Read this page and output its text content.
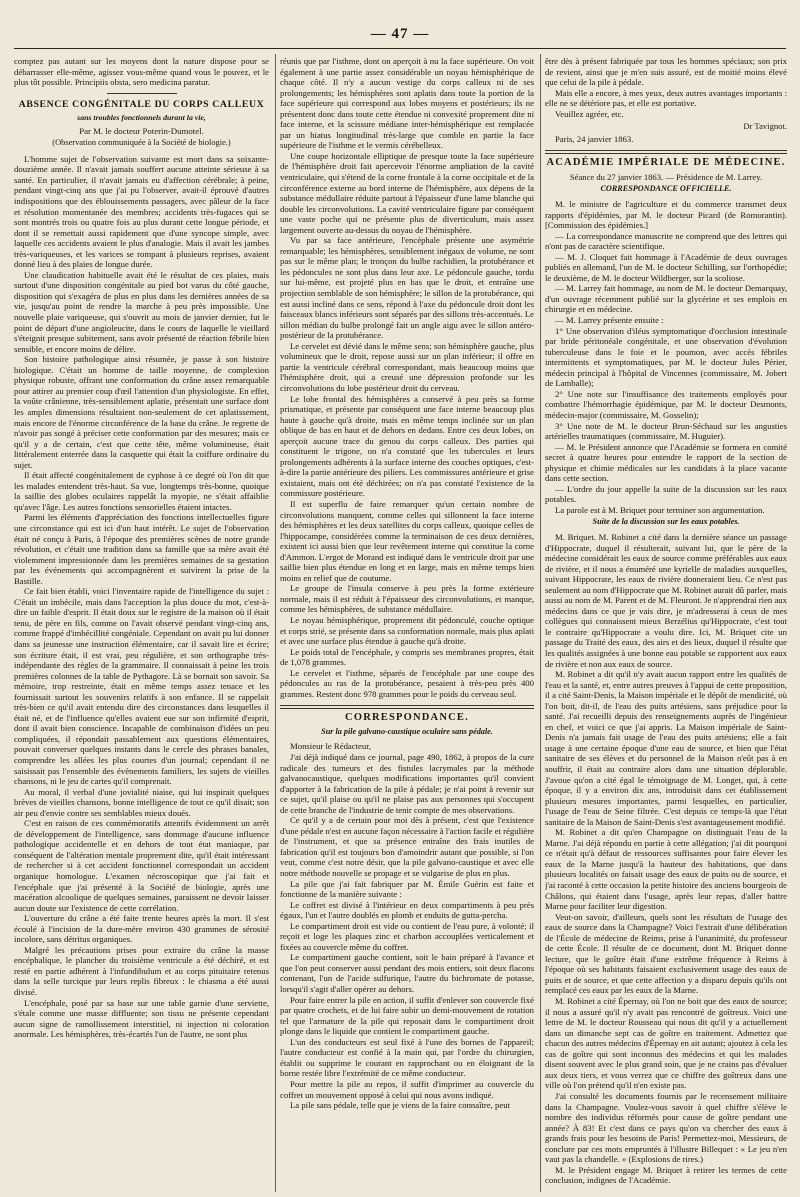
— 47 —

comptez pas autant sur les moyens dont la nature dispose pour se débarrasser elle-même, agissez vous-même quand vous le pouvez, et le plus tôt possible. Principiis obsta, sero medicina paratur.

ABSENCE CONGÉNITALE DU CORPS CALLEUX
sans troubles fonctionnels durant la vie,
Par M. le docteur Poterin-Dumotel.
(Observation communiquée à la Société de biologie.)

L'homme sujet de l'observation suivante est mort dans sa soixante-douzième année. Il n'avait jamais souffert aucune atteinte sérieuse à sa santé. En particulier, il n'avait jamais eu d'affection cérébrale; à peine, pendant vingt-cinq ans que j'ai pu l'observer, avait-il éprouvé d'autres indispositions que des éblouissements passagers, avec pâleur de la face et résolution momentanée des membres; accidents très-fugaces qui se sont montrés trois ou quatre fois au plus durant cette longue période, et dont il se remettait aussi rapidement que d'une syncope simple, avec laquelle ces accidents avaient le plus d'analogie. Mais il avait les jambes très-variqueuses, et les varices se rompant à plusieurs reprises, avaient donné lieu à des plaies de longue durée.

Une claudication habituelle avait été le résultat de ces plaies, mais surtout d'une disposition congénitale au pied bot varus du côté gauche, disposition qui s'exagéra de plus en plus dans les dernières années de sa vie, jusqu'au point de rendre la marche à peu près impossible. Une nouvelle plaie variqueuse, qui s'ouvrit au mois de janvier dernier, fut le point de départ d'une angioleucite, dans le cours de laquelle le vieillard s'éteignit presque subitement, sans avoir présenté de réaction fébrile bien sensible, et encore moins de délire.

Son histoire pathologique ainsi résumée, je passe à son histoire biologique. C'était un homme de taille moyenne, de complexion physique robuste, offrant une conformation du crâne assez remarquable pour attirer au premier coup d'œil l'attention d'un physiologiste. En effet, la voûte crânienne, très-sensiblement aplatie, présentait une surface dont les amples dimensions résultaient non-seulement de cet aplatissement, mais encore de l'énorme circonférence de la base du crâne. Je regrette de n'avoir pas songé à préciser cette conformation par des mesures; mais ce qu'il y a de certain, c'est que cette tête, même volumineuse, était littéralement enterrée dans la casquette qui était la coiffure ordinaire du sujet.

Il était affecté congénitalement de cyphose à ce degré où l'on dit que les malades entendent très-haut. Sa vue, longtemps très-bonne, quoique la saillie des globes oculaires rappelât la myopie, ne s'était affaiblie qu'avec l'âge. Les autres fonctions sensorielles étaient intactes.

Parmi les éléments d'appréciation des fonctions intellectuelles figure une circonstance qui est ici d'un haut intérêt. Le sujet de l'observation était né conçu à Paris, à l'époque des premières scènes de notre grande révolution, et c'était une tradition dans sa famille que sa mère avait été violemment impressionnée dans les premières semaines de sa gestation par les événements qui accompagnèrent et suivirent la prise de la Bastille.

Ce fait bien établi, voici l'inventaire rapide de l'intelligence du sujet : C'était un imbécile, mais dans l'acception la plus douce du mot, c'est-à-dire un faible d'esprit. Il était doux sur le registre de la maison où il était tenu, de père en fils, comme on l'avait observé pendant vingt-cinq ans, comme frappé d'imbécillité congéniale. Cependant on avait pu lui donner dans sa jeunesse une instruction élémentaire, car il savait lire et écrire; son écriture était, il est vrai, peu régulière, et son orthographe très-indépendante des règles de la grammaire. Il connaissait à peine les trois premières colonnes de la table de Pythagore. Là se bornait son savoir. Sa mémoire, trop restreinte, était en même temps assez tenace et les fournissait surtout les souvenirs relatifs à son enfance. Il se rappelait très-bien ce qu'il avait entendu dire des circonstances dans lesquelles il était né, et de l'influence qu'elles avaient eue sur son infirmité d'esprit, dont il avait bien conscience. Incapable de combinaison d'idées un peu compliquées, il répondait passablement aux questions élémentaires, pouvait converser quelques instants dans le cercle des phrases banales, comprendre les allées les plus courtes d'un journal; cependant il ne saisissait pas l'ensemble des évènements familiers, les sujets de vieilles chansons, ni le jeu de cartes qu'il comprenait.

Au moral, il verbal d'une jovialité niaise, qui lui inspirait quelques brèves de vieilles chansons, bonne intelligence de tout ce qu'il disait; son air peu d'envie contre ses semblables mieux doués.

C'est en raison de ces commémoratifs attentifs évidemment un arrêt de développement de l'intelligence, sans dommage d'aucune influence pathologique accidentelle et en dehors de tout état maniaque, par conséquent de l'altération mentale proprement dite, qu'il était intéressant de rechercher si à cet accident fonctionnel correspondait un accident organique homologue. L'examen nécroscopique que j'ai fait et l'encéphale que j'ai présenté à la Société de biologie, après une macération alcoolique de quelques semaines, paraissent ne devoir laisser aucun doute sur l'existence de cette corrélation.

L'ouverture du crâne a été faite trente heures après la mort. Il s'est écoulé à l'incision de la dure-mère environ 430 grammes de sérosité incolore, sans détritus organiques.

Malgré les précautions prises pour extraire du crâne la masse encéphalique, le plancher du troisième ventricule a été déchiré, et est resté en partie adhérent à l'infundibulum et au corps pituitaire retenus dans la selle turcique par leurs replis fibreux : le chiasma a été aussi divisé.

L'encéphale, posé par sa base sur une table garnie d'une serviette, s'étale comme une masse diffluente; son tissu ne présente cependant aucun signe de ramollissement interstitiel, ni injection ni coloration anormale. Les hémisphères, très-écartés l'un de l'autre, ne sont plus

réunis que par l'isthme, dont on aperçoit à nu la face supérieure. On voit également à une partie assez considérable un noyau hémisphérique de chaque côté. Il n'y a aucun vestige du corps calleux ni de ses prolongements; les hémisphères sont aplatis dans toute la portion de la face supérieure qui correspond aux lobes moyens et postérieurs; ils ne présentent donc dans toute cette étendue ni convexité proprement dite ni face interne, et la scissure médiane inter-hémisphérique est remplacée par un hiatus longitudinal très-large que comble en partie la face supérieure de l'isthme et le vermis cérébelleux.

Une coupe horizontale elliptique de presque toute la face supérieure de l'hémisphère droit fait apercevoir l'énorme ampliation de la cavité ventriculaire, qui s'étend de la corne frontale à la corne occipitale et de la circonférence externe au bord interne de l'hémisphère, aux dépens de la substance médullaire réduite partout à l'épaisseur d'une lame blanche qui double les circonvolutions. La cavité ventriculaire figure par conséquent une vaste poche qui ne présente plus de diverticulum, mais assez largement ouverte au-dessus du noyau de l'hémisphère.

Vu par sa face antérieure, l'encéphale présente une asymétrie remarquable; les hémisphères, sensiblement inégaux de volume, ne sont pas sur le même plan; le tronçon du bulbe rachidien, la protubérance et les pédoncules ne sont plus dans leur axe. Le pédoncule gauche, tordu sur lui-même, est projeté plus en bas que le droit, et entraîne une projection semblable de son hémisphère; le sillon de la protubérance, qui est aussi incliné dans ce sens, répond à l'axe du pédoncule droit dont les faisceaux blancs inférieurs sont séparés par des sillons très-accentués. Le sillon médian du bulbe prolongé fait un angle aigu avec le sillon antéro-postérieur de la protubérance.

Le cervelet est dévié dans le même sens; son hémisphère gauche, plus volumineux que le droit, repose aussi sur un plan inférieur; il offre en partie la ventricule cérébral correspondant, mais beaucoup moins que l'hémisphère droit, qui a creusé une dépression profonde sur les circonvolutions du lobe postérieur droit du cerveau.

Le lobe frontal des hémisphères a conservé à peu près sa forme prismatique, et présente par conséquent une face interne beaucoup plus haute à gauche qu'à droite, mais en même temps inclinée sur un plan oblique de has en haut et de dehors en dedans. Entre ces deux lobes, on aperçoit aucune trace du genou du corps calleux. Des parties qui constituent le trigone, on n'a constaté que les tubercules et leurs prolongements adhérents à la surface interne des couches optiques, c'est-à-dire la partie antérieure des piliers. Les commissures antérieure et grise existaient, mais ont été déchirées; on n'a pas constaté l'existence de la commissure postérieure.

Il est superflu de faire remarquer qu'un certain nombre de circonvolutions manquent, comme celles qui sillonnent la face interne des hémisphères et les deux satellites du corps calleux, quoique celles de l'hippocampe, considérées comme la terminaison de ces deux dernières, existent ici aussi bien que leur revêtement interne qui constitue la corne d'Ammon. L'ergot de Morand est indiqué dans le ventricule droit par une saillie bien plus étendue en long et en large, mais en même temps bien moins en relief que de coutume.

Le groupe de l'insula conserve à peu près la forme extérieure normale, mais il est réduit à l'épaisseur des circonvolutions, et manque, comme les hémisphères, de substance médullaire.

Le noyau hémisphérique, proprement dit pédonculé, couche optique et corps strié, se présente dans sa conformation normale, mais plus aplati et avec une surface plus étendue à gauche qu'à droite.

Le poids total de l'encéphale, y compris ses membranes propres, était de 1,078 grammes.

Le cervelet et l'isthme, séparés de l'encéphale par une coupe des pédoncules au ras de la protubérance, pesaient à très-peu près 400 grammes. Restent donc 978 grammes pour le poids du cerveau seul.

CORRESPONDANCE.
Sur la pile galvano-caustique oculaire sans pédale.

Monsieur le Rédacteur,

J'ai déjà indiqué dans ce journal, page 490, 1862, à propos de la cure radicale des tumeurs et des fistules lacrymales par la méthode galvanocaustique, quelques modifications importantes qu'il convient d'apporter à la fabrication de la pile à pédale; je n'ai point à revenir sur ce sujet, qu'il plaise ou qu'il ne plaise pas aux personnes qui s'occupent de cette branche de l'industrie de tenir compte de mes observations.

Ce qu'il y a de certain pour moi dès à présent, c'est que l'existence d'une pédale n'est en aucune façon nécessaire à l'action facile et régulière de l'instrument, et que sa présence entraîne des frais inutiles de fabrication qu'il est toujours bon d'amoindrir autant que possible, si l'on veut, comme c'est notre désir, que la pile galvano-caustique et avec elle notre méthode nouvelle se propage et se vulgarise de plus en plus.

La pile que j'ai fait fabriquer par M. Émile Guérin est faite et fonctionne de la manière suivante :

Le coffret est divisé à l'intérieur en deux compartiments à peu près égaux, l'un et l'autre doublés en plomb et enduits de gutta-percha.

Le compartiment droit est vide ou contient de l'eau pure, à volonté; il reçoit et loge les plaques zinc et charbon accouplées verticalement et fixées au couvercle même du coffret.

Le compartiment gauche contient, soit le bain préparé à l'avance et que l'on peut conserver aussi pendant des mois entiers, soit deux flacons contenant, l'un de l'acide sulfurique, l'autre du bichromate de potasse, lorsqu'il s'agit d'aller opérer au dehors.

Pour faire entrer la pile en action, il suffit d'enlever son couvercle fixé par quatre crochets, et de lui faire subir un demi-mouvement de rotation tel que l'armature de la pile qui reposait dans le compartiment droit plonge dans le liquide que contient le compartiment gauche.

L'un des conducteurs est seul fixé à l'une des bornes de l'appareil; l'autre conducteur est confié à la main qui, par l'ordre du chirurgien, établit ou supprime le courant en rapprochant ou en éloignant de la borne restée libre l'extrémité de ce même conducteur.

Pour mettre la pile au repos, il suffit d'imprimer au couvercle du coffret un mouvement opposé à celui qui nous avons indiqué.

La pile sans pédale, telle que je viens de la faire connaître, peut

être dès à présent fabriquée par tous les hommes spéciaux; son prix de revient, ainsi que je m'en suis assuré, est de moitié moins élevé que celui de la pile à pédale.

Mais elle a encore, à mes yeux, deux autres avantages importants : elle ne se détériore pas, et elle est portative.

Veuillez agréer, etc.

Dr Tavignot.

Paris, 24 janvier 1863.

ACADÉMIE IMPÉRIALE DE MÉDECINE.
Séance du 27 janvier 1863. — Présidence de M. Larrey.
CORRESPONDANCE OFFICIELLE.

M. le ministre de l'agriculture et du commerce transmet deux rapports d'épidémies, par M. le docteur Picard (de Romorantin). [Commission des épidémies.]

— La correspondance manuscrite ne comprend que des lettres qui n'ont pas de caractère scientifique.

— M. J. Cloquet fait hommage à l'Académie de deux ouvrages publiés en allemand, l'un de M. le docteur Schilling, sur l'orthopédie; le deuxième, de M. le docteur Wildberger, sur la scoliose.

— M. Larrey fait hommage, au nom de M. le docteur Demarquay, d'un ouvrage récemment publié sur la glycérine et ses emplois en chirurgie et en médecine.

— M. Larrey présente ensuite :

1° Une observation d'iléus symptomatique d'occlusion intestinale par bride péritonéale congénitale, et une observation d'évolution tuberculeuse dans le foie et le poumon, avec accès fébriles intermittents et symptomatiques, par M. le docteur Jules Périer, médecin principal à l'hôpital de Vincennes (commissaire, M. Jobert de Lamballe);

2° Une note sur l'insuffisance des traitements employés pour combattre l'hémorrhagie épidémique, par M. le docteur Desmonts, médecin-major (commissaire, M. Gosselin);

3° Une note de M. le docteur Brun-Séchaud sur les angusties artérielles traumatiques (commissaire, M. Huguier).

— M. le Président annonce que l'Académie se formera en comité secret à quatre heures pour entendre le rapport de la section de physique et chimie médicales sur les candidats à la place vacante dans cette section.

— L'ordre du jour appelle la suite de la discussion sur les eaux potables.

La parole est à M. Briquet pour terminer son argumentation.

Suite de la discussion sur les eaux potables.

M. Briquet. M. Robinet a cité dans la dernière séance un passage d'Hippocrate, duquel il résulterait, suivant lui, que le père de la médecine considérait les eaux de source comme préférables aux eaux de rivière, et il nous a énuméré une kyrielle de maladies auxquelles, suivant Hippocrate, les eaux de rivière donneraient lieu. Ce n'est pas seulement au nom d'Hippocrate que M. Robinet aurait dû parler, mais aussi au nom de M. Parent et de M. Fleuront. Je n'apprendrai rien aux médecins dans ce que je vais dire, je m'adresserai à ceux de mes collègues qui connaissent mieux Berzélius qu'Hippocrate, c'est tout le contraire qu'Hippocrate a voulu dire. Ici, M. Briquet cite un passage du Traité des eaux, des airs et des lieux, duquel il résulte que les qualités assignées à une bonne eau potable se rapportent aux eaux de rivière et non aux eaux de source.

M. Robinet a dit qu'il n'y avait aucun rapport entre les qualités de l'eau et la santé, et, entre autres preuves à l'appui de cette proposition, il a cité Saint-Denis, la Maison impériale et le dépôt de mendicité, où l'on boit, dit-il, de l'eau des puits artésiens, sans préjudice pour la santé. J'ai recueilli depuis des renseignements auprès de l'ingénieur en chef, et voici ce que j'ai appris. La Maison impériale de Saint-Denis n'a jamais fait usage de l'eau des puits artésiens; elle a fait usage à une certaine époque d'une eau de source, et bien que l'état sanitaire de ses élèves et du personnel de la Maison n'eût pas à en souffrir, il était au contraire alors dans une situation déplorable. J'avoue qu'on a cité égal le témoignage de M. Longet, qui, à cette époque, il y a environ dix ans, introduisit dans cet établissement plusieurs mesures importantes, parmi lesquelles, en particulier, l'usage de l'eau de Seine filtrée. C'est depuis ce temps-là que l'état sanitaire de la Maison de Saint-Denis s'est avantageusement modifié.

M. Robinet a dit qu'en Champagne on distinguait l'eau de la Marne. J'ai déjà répondu en partie à cette allégation; j'ai dit pourquoi ce n'était qu'à défaut de ressources suffisantes pour faire élever les eaux de la Marne jusqu'à la hauteur des habitations, que dans plusieurs localités on faisait usage des eaux de puits ou de source, et j'ai raconté à cette occasion la petite histoire des anciens bourgeois de Châlons, qui étaient dans l'usage, après leur repas, d'aller battre Marne pour faciliter leur digestion.

Veut-on savoir, d'ailleurs, quels sont les résultats de l'usage des eaux de source dans la Champagne? Voici l'extrait d'une délibération de l'École de médecine de Reims, prise à l'unanimité, du professeur de cette École. Il résulte de ce document, dont M. Briquet donne lecture, que le goître était d'une extrême fréquence à Reims à l'époque où ses habitants faisaient exclusivement usage des eaux de puits et de source, et que cette affection y a disparu depuis qu'ils ont remplacé ces eaux par les eaux de la Marne.

M. Robinet a cité Épernay, où l'on ne boit que des eaux de source; il nous a assuré qu'il n'y avait pas rencontré de goîtreux. Voici une lettre de M. le docteur Rousseau qui nous dit qu'il y a actuellement dans un dimanche sept cas de goître en traitement. Admettez que chacun des autres médecins d'Épernay en ait autant; ajoutez à cela les cas de goître qui sont inconnus des médecins et qui les malades disent souvent avec le plus grand soin, que je ne crains pas d'évaluer aux deux tiers, et vous verrez que ce chiffre des goîtreux dans une ville où l'on prétend qu'il n'en existe pas.

J'ai consulté les documents fournis par le recensement militaire dans la Champagne. Voulez-vous savoir à quel chiffre s'élève le nombre des individus réformés pour cause de goître pendant une année? À 83! Et c'est dans ce pays qu'on va chercher des eaux à grands frais pour les besoins de Paris! Permettez-moi, Messieurs, de conclure par ces mots empruntés à l'illustre Billequet : « Le jeu n'en vaut pas la chandelle. » (Explosions de rires.)

M. le Président engage M. Briquet à retirer les termes de cette conclusion, indignes de l'Académie.
